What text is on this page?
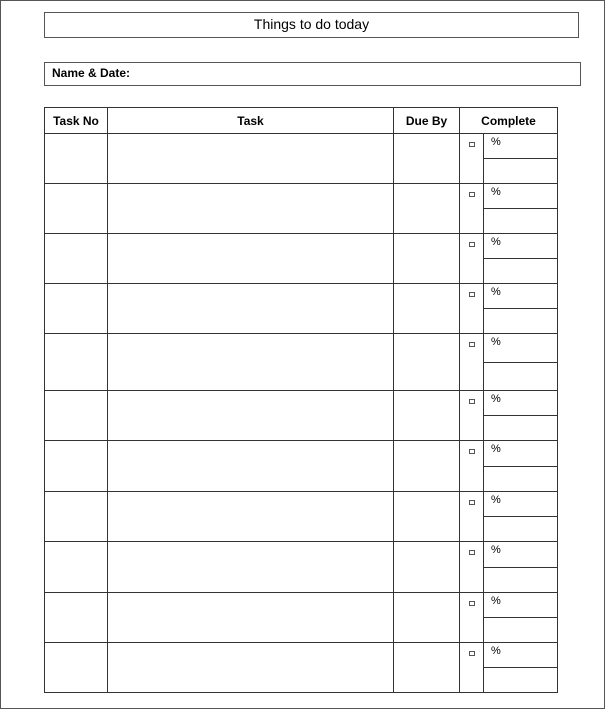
Things to do today
Name & Date:
Task No	Task	Due By	Complete	

				%

				%

				%

				%

				%

				%

				%

				%

				%

				%

				%
